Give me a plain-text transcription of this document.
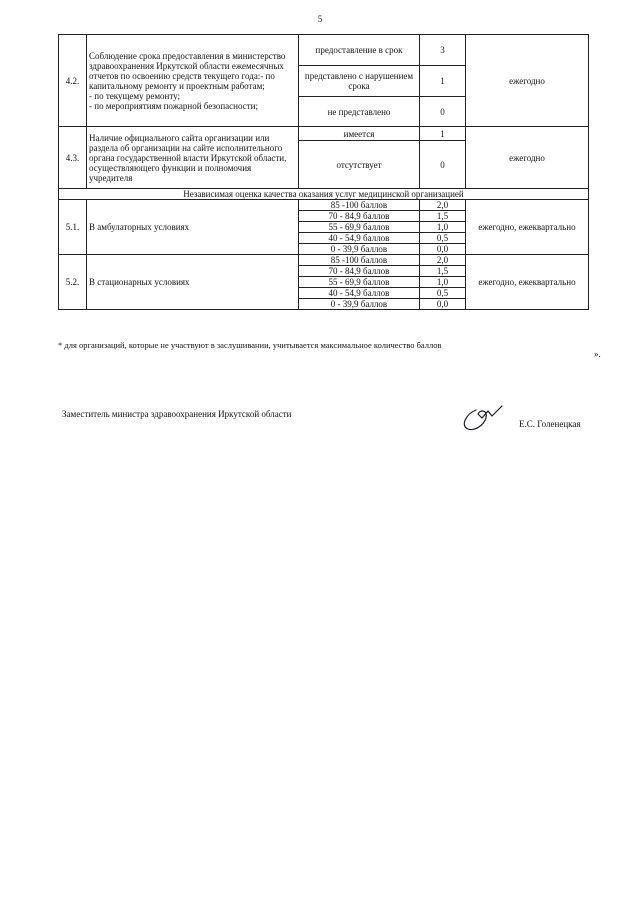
5
4.2.	Соблюдение срока предоставления в министерство здравоохранения Иркутской области ежемесячных отчетов по освоению средств текущего года:- по капитальному ремонту и проектным работам;
- по текущему ремонту;
- по мероприятиям пожарной безопасности;	предоставление в срок	3	ежегодно
		представлено с нарушением срока	1	
		не представлено	0	
4.3.	Наличие официального сайта организации или раздела об организации на сайте исполнительного органа государственной власти Иркутской области, осуществляющего функции и полномочия учредителя	имеется	1	ежегодно
		отсутствует	0	
Независимая оценка качества оказания услуг медицинской организацией				
5.1.	В амбулаторных условиях	85 -100 баллов	2,0	ежегодно, ежеквартально
		70 - 84,9 баллов	1,5	
		55 - 69,9 баллов	1,0	
		40 - 54,9 баллов	0,5	
		0 - 39,9 баллов	0,0	
5.2.	В стационарных условиях	85 -100 баллов	2,0	ежегодно, ежеквартально
		70 - 84,9 баллов	1,5	
		55 - 69,9 баллов	1,0	
		40 - 54,9 баллов	0,5	
		0 - 39,9 баллов	0,0	
* для организаций, которые не участвуют в заслушивании, учитывается максимальное количество баллов
».
Заместитель министра здравоохранения Иркутской области
Е.С. Голенецкая
